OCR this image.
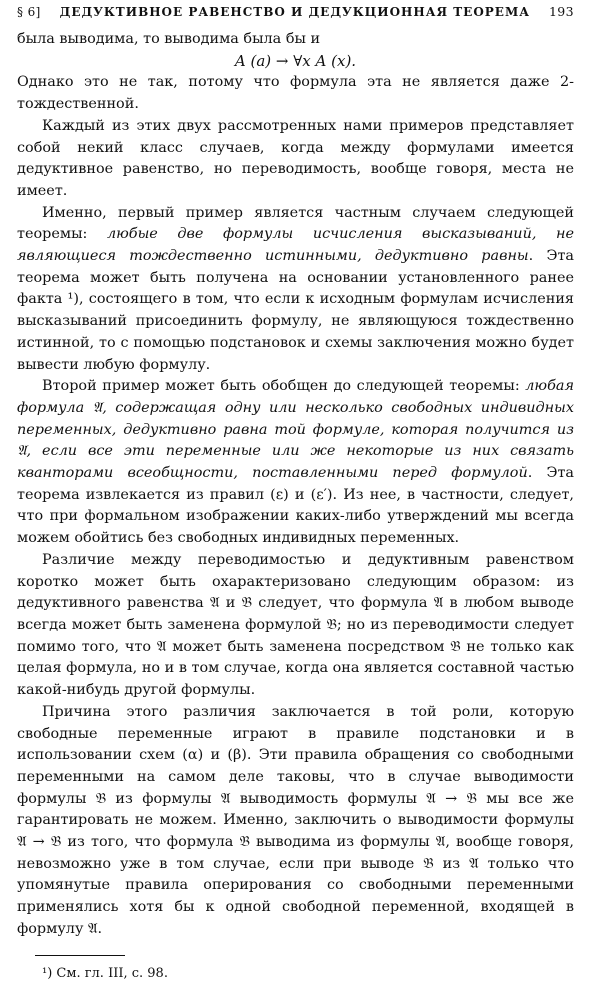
§ 6] ДЕДУКТИВНОЕ РАВЕНСТВО И ДЕДУКЦИОННАЯ ТЕОРЕМА 193

была выводима, то выводима была бы и

A (a) → ∀x A (x).

Однако это не так, потому что формула эта не является даже 2-тождественной.

Каждый из этих двух рассмотренных нами примеров представляет собой некий класс случаев, когда между формулами имеется дедуктивное равенство, но переводимость, вообще говоря, места не имеет.

Именно, первый пример является частным случаем следующей теоремы: любые две формулы исчисления высказываний, не являющиеся тождественно истинными, дедуктивно равны. Эта теорема может быть получена на основании установленного ранее факта ¹), состоящего в том, что если к исходным формулам исчисления высказываний присоединить формулу, не являющуюся тождественно истинной, то с помощью подстановок и схемы заключения можно будет вывести любую формулу.

Второй пример может быть обобщен до следующей теоремы: любая формула 𝔄, содержащая одну или несколько свободных индивидных переменных, дедуктивно равна той формуле, которая получится из 𝔄, если все эти переменные или же некоторые из них связать кванторами всеобщности, поставленными перед формулой. Эта теорема извлекается из правил (ε) и (ε′). Из нее, в частности, следует, что при формальном изображении каких-либо утверждений мы всегда можем обойтись без свободных индивидных переменных.

Различие между переводимостью и дедуктивным равенством коротко может быть охарактеризовано следующим образом: из дедуктивного равенства 𝔄 и 𝔅 следует, что формула 𝔄 в любом выводе всегда может быть заменена формулой 𝔅; но из переводимости следует помимо того, что 𝔄 может быть заменена посредством 𝔅 не только как целая формула, но и в том случае, когда она является составной частью какой-нибудь другой формулы.

Причина этого различия заключается в той роли, которую свободные переменные играют в правиле подстановки и в использовании схем (α) и (β). Эти правила обращения со свободными переменными на самом деле таковы, что в случае выводимости формулы 𝔅 из формулы 𝔄 выводимость формулы 𝔄 → 𝔅 мы все же гарантировать не можем. Именно, заключить о выводимости формулы 𝔄 → 𝔅 из того, что формула 𝔅 выводима из формулы 𝔄, вообще говоря, невозможно уже в том случае, если при выводе 𝔅 из 𝔄 только что упомянутые правила оперирования со свободными переменными применялись хотя бы к одной свободной переменной, входящей в формулу 𝔄.

¹) См. гл. III, с. 98.
